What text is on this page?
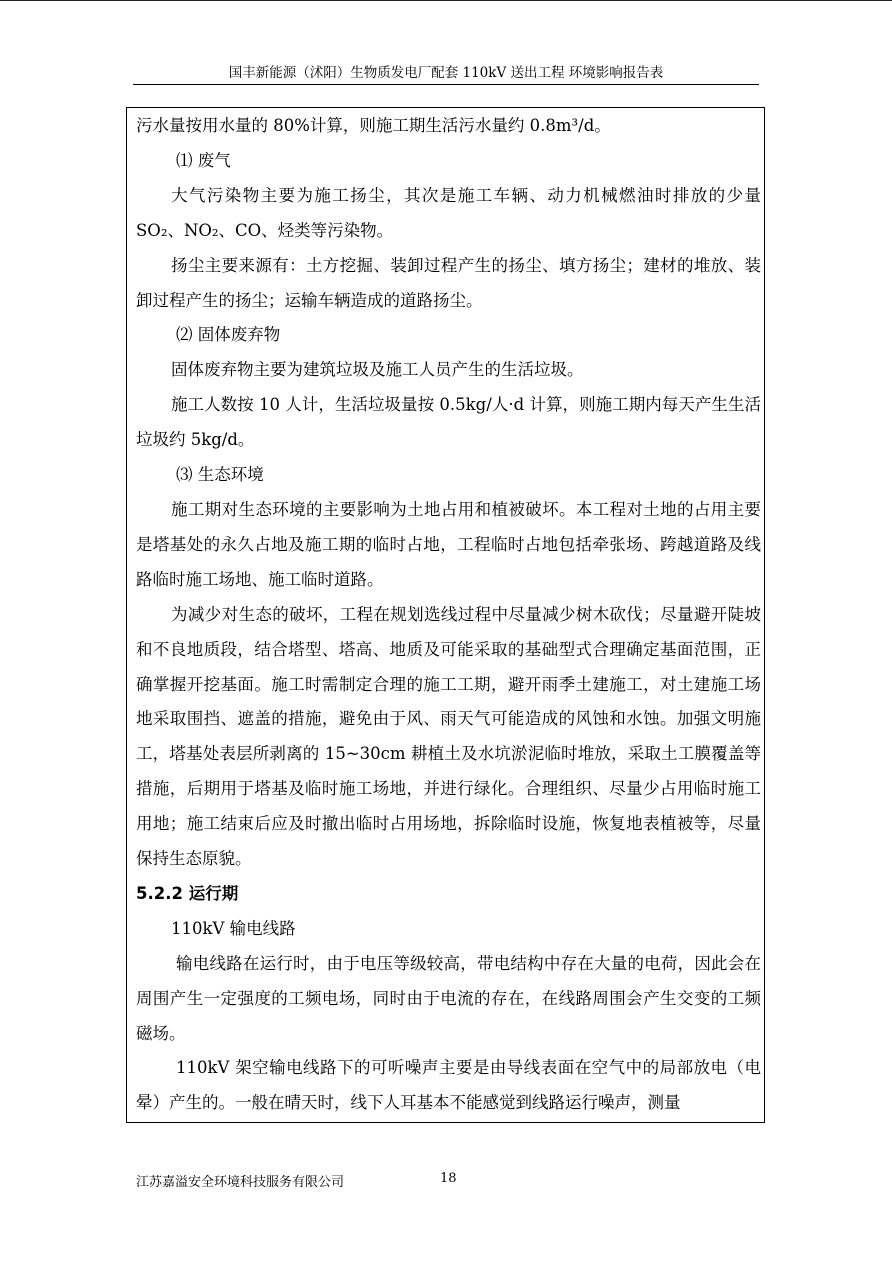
国丰新能源（沭阳）生物质发电厂配套 110kV 送出工程 环境影响报告表

污水量按用水量的 80%计算，则施工期生活污水量约 0.8m³/d。

⑴ 废气

大气污染物主要为施工扬尘，其次是施工车辆、动力机械燃油时排放的少量 SO₂、NO₂、CO、烃类等污染物。

扬尘主要来源有：土方挖掘、装卸过程产生的扬尘、填方扬尘；建材的堆放、装卸过程产生的扬尘；运输车辆造成的道路扬尘。

⑵ 固体废弃物

固体废弃物主要为建筑垃圾及施工人员产生的生活垃圾。

施工人数按 10 人计，生活垃圾量按 0.5kg/人·d 计算，则施工期内每天产生生活垃圾约 5kg/d。

⑶ 生态环境

施工期对生态环境的主要影响为土地占用和植被破坏。本工程对土地的占用主要是塔基处的永久占地及施工期的临时占地，工程临时占地包括牵张场、跨越道路及线路临时施工场地、施工临时道路。

为减少对生态的破坏，工程在规划选线过程中尽量减少树木砍伐；尽量避开陡坡和不良地质段，结合塔型、塔高、地质及可能采取的基础型式合理确定基面范围，正确掌握开挖基面。施工时需制定合理的施工工期，避开雨季土建施工，对土建施工场地采取围挡、遮盖的措施，避免由于风、雨天气可能造成的风蚀和水蚀。加强文明施工，塔基处表层所剥离的 15~30cm 耕植土及水坑淤泥临时堆放，采取土工膜覆盖等措施，后期用于塔基及临时施工场地，并进行绿化。合理组织、尽量少占用临时施工用地；施工结束后应及时撤出临时占用场地，拆除临时设施，恢复地表植被等，尽量保持生态原貌。

5.2.2 运行期

110kV 输电线路

输电线路在运行时，由于电压等级较高，带电结构中存在大量的电荷，因此会在周围产生一定强度的工频电场，同时由于电流的存在，在线路周围会产生交变的工频磁场。

110kV 架空输电线路下的可听噪声主要是由导线表面在空气中的局部放电（电晕）产生的。一般在晴天时，线下人耳基本不能感觉到线路运行噪声，测量

江苏嘉溢安全环境科技服务有限公司	18
